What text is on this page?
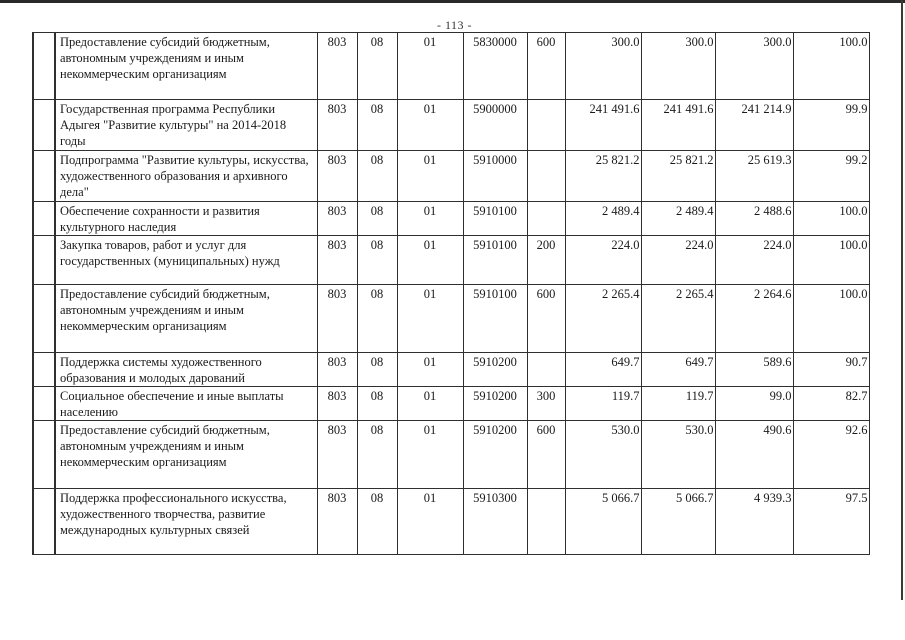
- 113 -
	Предоставление субсидий бюджетным, автономным учреждениям и иным некоммерческим организациям	803	08	01	5830000	600	300.0	300.0	300.0	100.0
	Государственная программа Республики Адыгея "Развитие культуры" на 2014-2018 годы	803	08	01	5900000		241 491.6	241 491.6	241 214.9	99.9
	Подпрограмма "Развитие культуры, искусства, художественного образования и архивного дела"	803	08	01	5910000		25 821.2	25 821.2	25 619.3	99.2
	Обеспечение сохранности и развития культурного наследия	803	08	01	5910100		2 489.4	2 489.4	2 488.6	100.0
	Закупка товаров, работ и услуг для государственных (муниципальных) нужд	803	08	01	5910100	200	224.0	224.0	224.0	100.0
	Предоставление субсидий бюджетным, автономным учреждениям и иным некоммерческим организациям	803	08	01	5910100	600	2 265.4	2 265.4	2 264.6	100.0
	Поддержка системы художественного образования и молодых дарований	803	08	01	5910200		649.7	649.7	589.6	90.7
	Социальное обеспечение и иные выплаты населению	803	08	01	5910200	300	119.7	119.7	99.0	82.7
	Предоставление субсидий бюджетным, автономным учреждениям и иным некоммерческим организациям	803	08	01	5910200	600	530.0	530.0	490.6	92.6
	Поддержка профессионального искусства, художественного творчества, развитие международных культурных связей	803	08	01	5910300		5 066.7	5 066.7	4 939.3	97.5
